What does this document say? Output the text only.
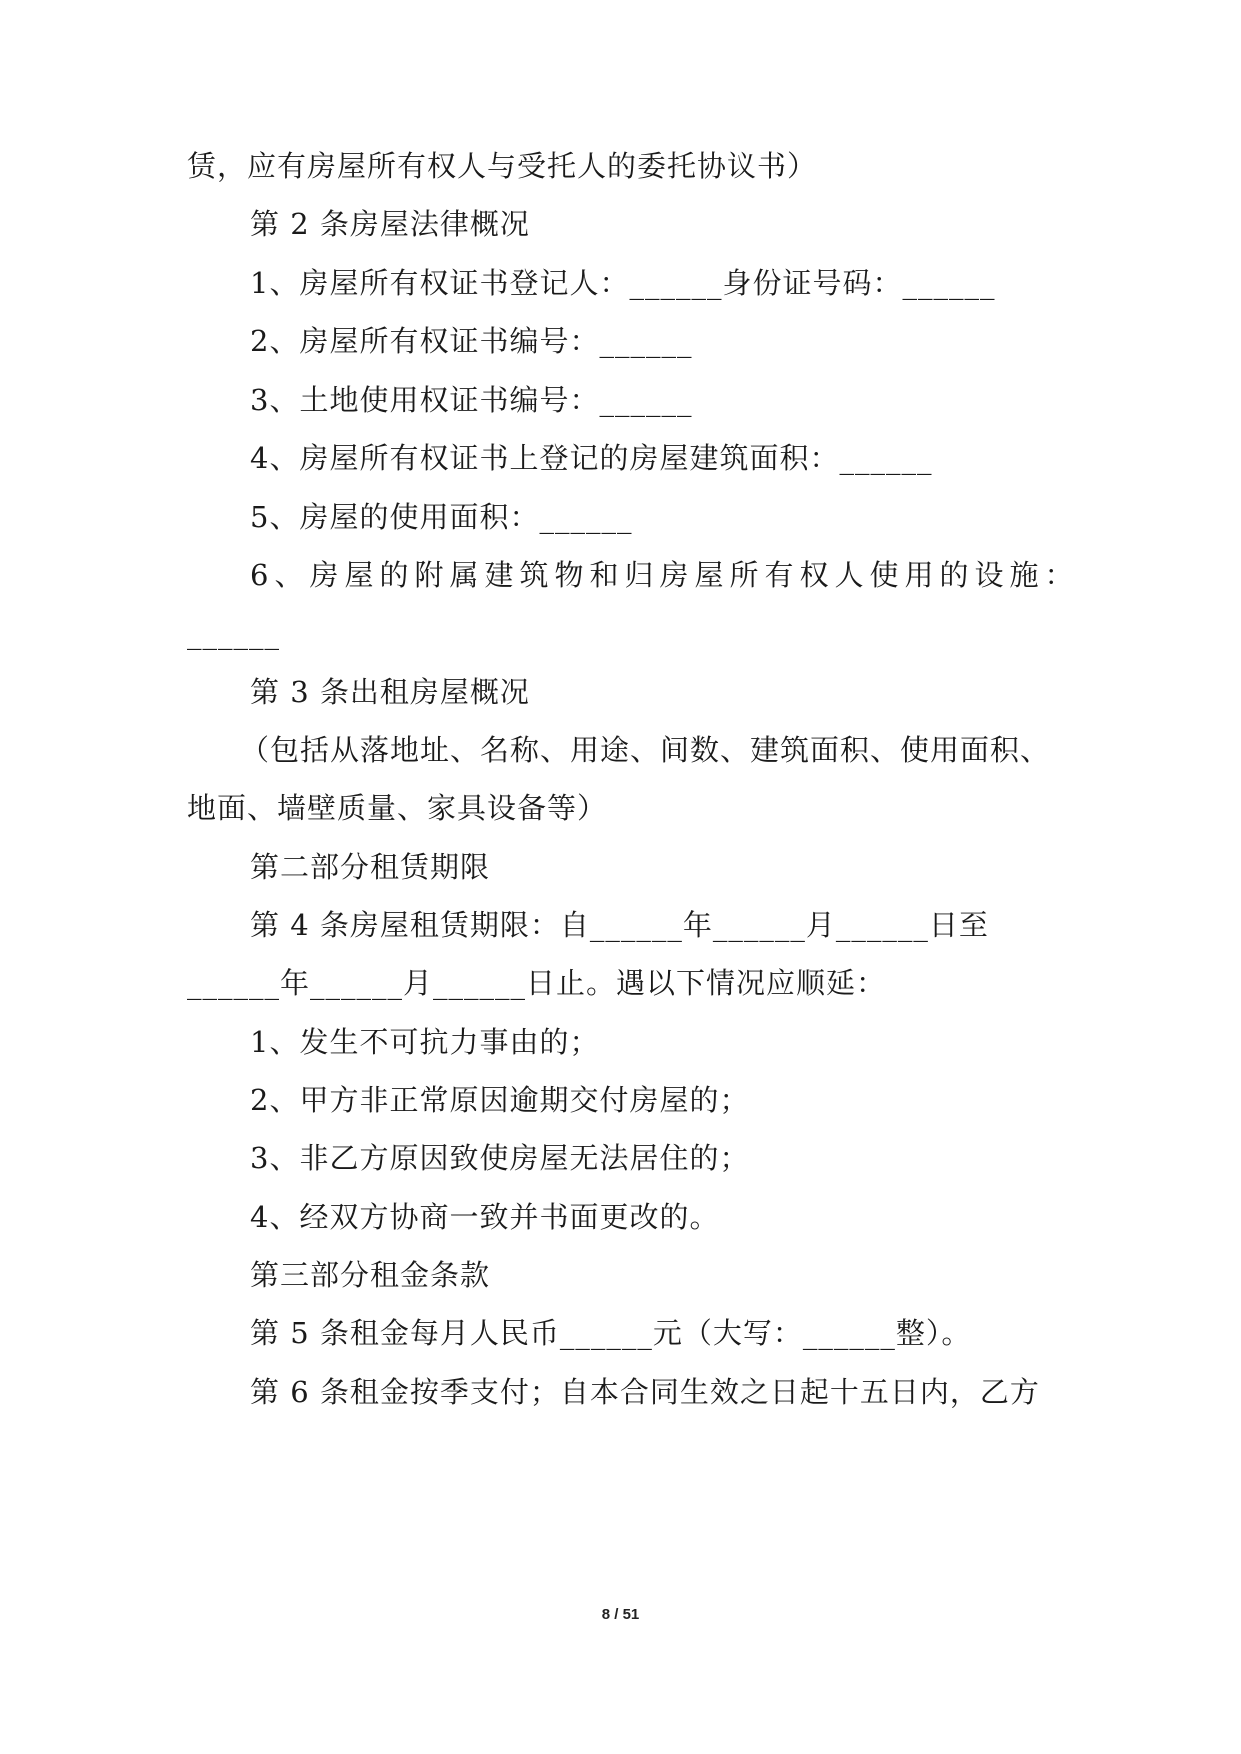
赁，应有房屋所有权人与受托人的委托协议书）
第 2 条房屋法律概况
1、房屋所有权证书登记人：______身份证号码：______
2、房屋所有权证书编号：______
3、土地使用权证书编号：______
4、房屋所有权证书上登记的房屋建筑面积：______
5、房屋的使用面积：______
6、房屋的附属建筑物和归房屋所有权人使用的设施：
______
第 3 条出租房屋概况
（包括从落地址、名称、用途、间数、建筑面积、使用面积、
地面、墙壁质量、家具设备等）
第二部分租赁期限
第 4 条房屋租赁期限：自______年______月______日至
______年______月______日止。遇以下情况应顺延：
1、发生不可抗力事由的；
2、甲方非正常原因逾期交付房屋的；
3、非乙方原因致使房屋无法居住的；
4、经双方协商一致并书面更改的。
第三部分租金条款
第 5 条租金每月人民币______元（大写：______整）。
第 6 条租金按季支付；自本合同生效之日起十五日内，乙方
8 / 51
